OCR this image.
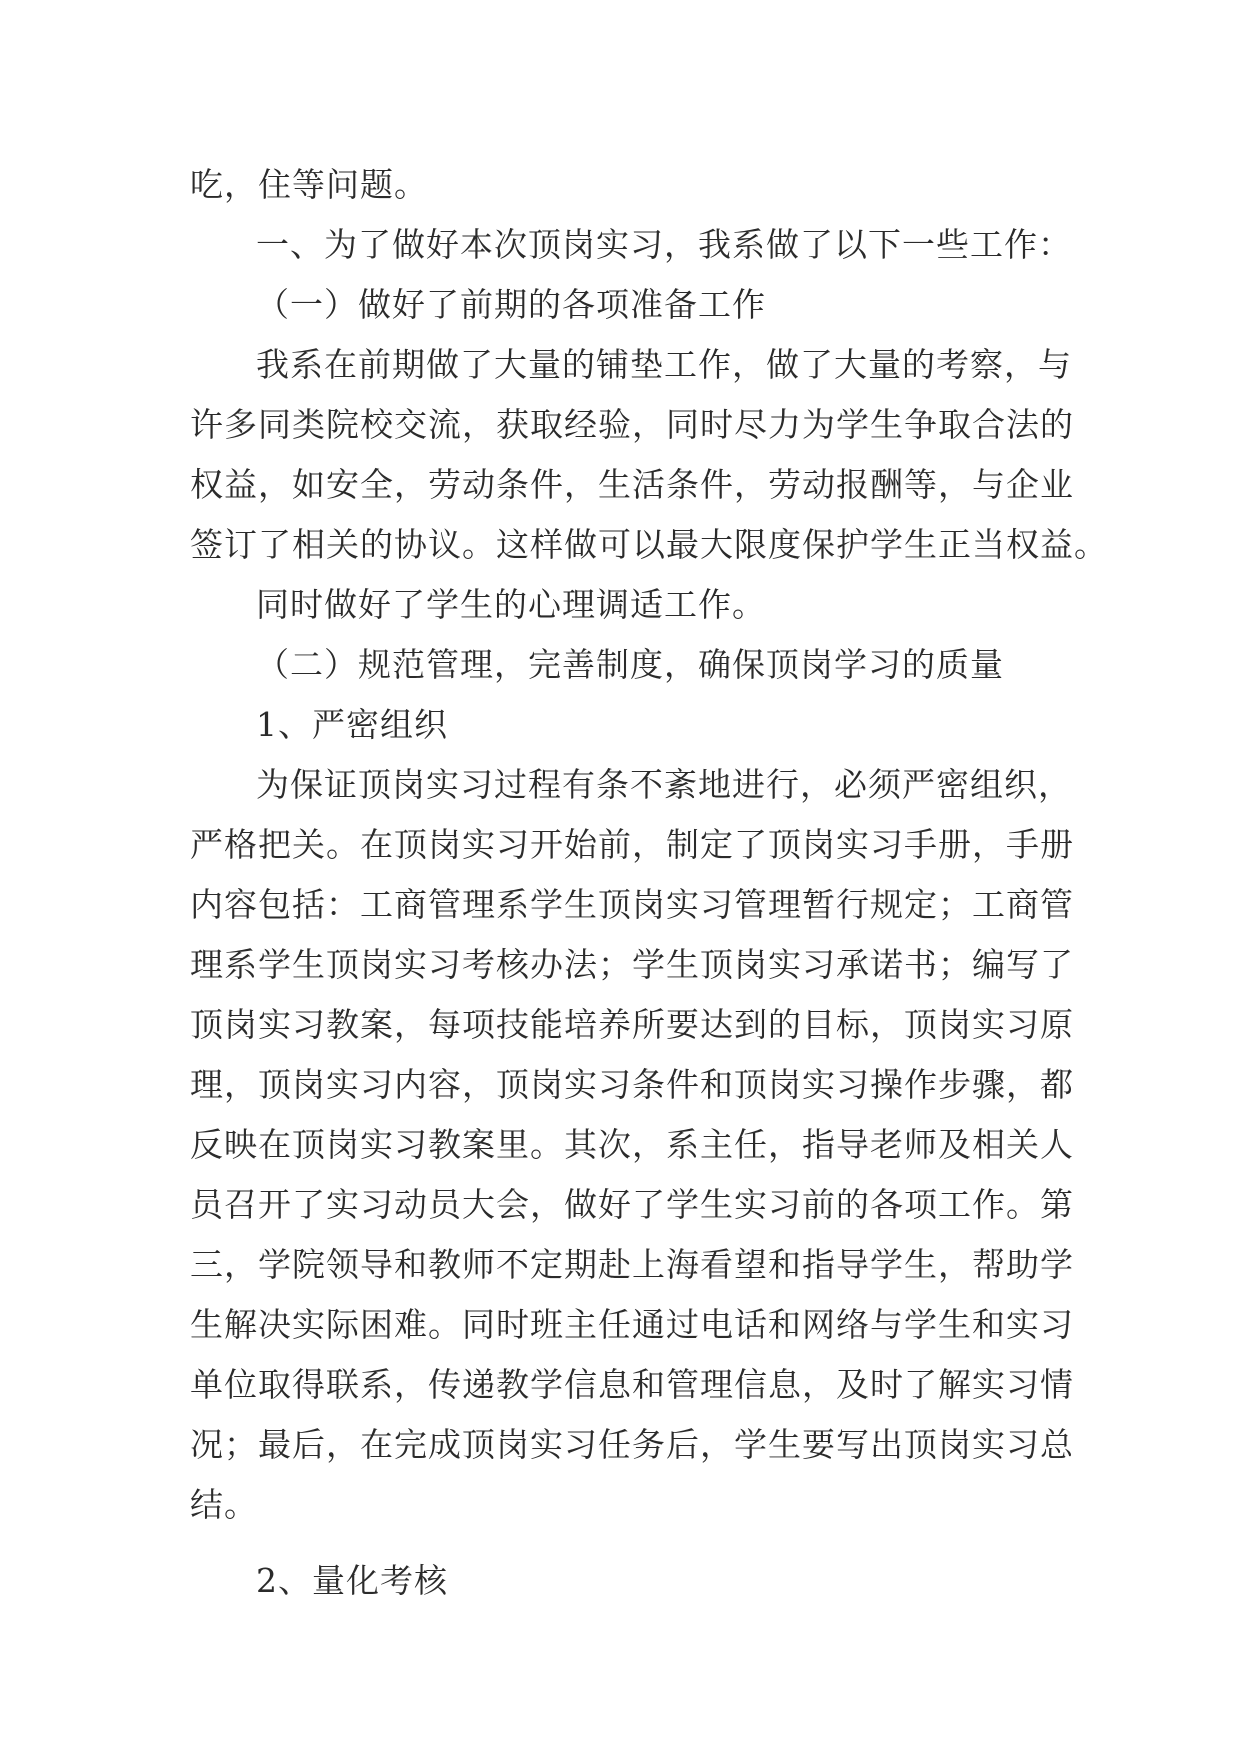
吃，住等问题。
一、为了做好本次顶岗实习，我系做了以下一些工作：
（一）做好了前期的各项准备工作
我系在前期做了大量的铺垫工作，做了大量的考察，与
许多同类院校交流，获取经验，同时尽力为学生争取合法的
权益，如安全，劳动条件，生活条件，劳动报酬等，与企业
签订了相关的协议。这样做可以最大限度保护学生正当权益。
同时做好了学生的心理调适工作。
（二）规范管理，完善制度，确保顶岗学习的质量
1、严密组织
为保证顶岗实习过程有条不紊地进行，必须严密组织，
严格把关。在顶岗实习开始前，制定了顶岗实习手册，手册
内容包括：工商管理系学生顶岗实习管理暂行规定；工商管
理系学生顶岗实习考核办法；学生顶岗实习承诺书；编写了
顶岗实习教案，每项技能培养所要达到的目标，顶岗实习原
理，顶岗实习内容，顶岗实习条件和顶岗实习操作步骤，都
反映在顶岗实习教案里。其次，系主任，指导老师及相关人
员召开了实习动员大会，做好了学生实习前的各项工作。第
三，学院领导和教师不定期赴上海看望和指导学生，帮助学
生解决实际困难。同时班主任通过电话和网络与学生和实习
单位取得联系，传递教学信息和管理信息，及时了解实习情
况；最后，在完成顶岗实习任务后，学生要写出顶岗实习总
结。
2、量化考核
